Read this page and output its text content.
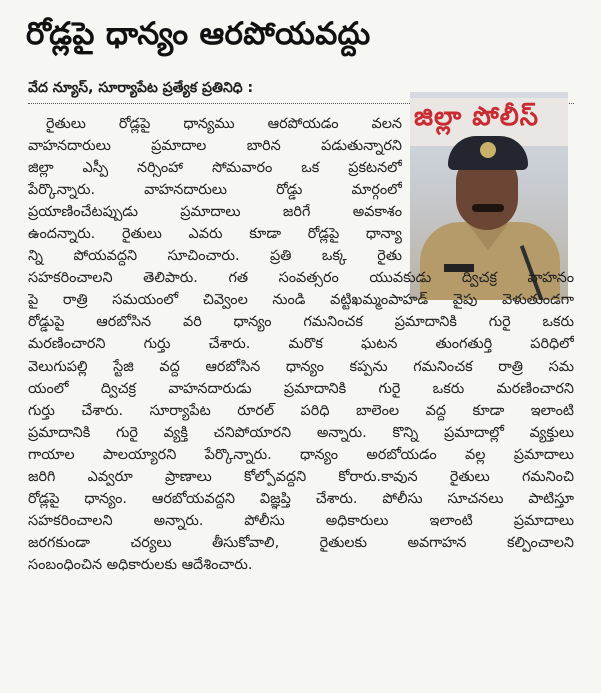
రోడ్లపై ధాన్యం ఆరపోయవద్దు
వేద న్యూస్, సూర్యాపేట ప్రత్యేక ప్రతినిధి :
జిల్లా పోలీస్
రైతులు రోడ్లపై ధాన్యము ఆరపోయడం వలన
వాహనదారులు ప్రమాదాల బారిన పడుతున్నారని
జిల్లా ఎస్పీ నర్సింహా సోమవారం ఒక ప్రకటనలో
పేర్కొన్నారు. వాహనదారులు రోడ్డు మార్గంలో
ప్రయాణించేటప్పుడు ప్రమాదాలు జరిగే అవకాశం
ఉందన్నారు. రైతులు ఎవరు కూడా రోడ్లపై ధాన్యా
న్ని పోయవద్దని సూచించారు. ప్రతి ఒక్క రైతు
సహకరించాలని తెలిపారు. గత సంవత్సరం యువకుడు ద్విచక్ర వాహనం
పై రాత్రి సమయంలో చివ్వెంల నుండి వట్టిఖమ్మంపాహడ్ వైపు వెళుతుండగా
రోడ్డుపై ఆరబోసిన వరి ధాన్యం గమనించక ప్రమాదానికి గురై ఒకరు
మరణించారని గుర్తు చేశారు. మరొక ఘటన తుంగతుర్తి పరిధిలో
వెలుగుపల్లి స్టేజి వద్ద ఆరబోసిన ధాన్యం కప్పను గమనించక రాత్రి సమ
యంలో ద్విచక్ర వాహనదారుడు ప్రమాదానికి గురై ఒకరు మరణించారని
గుర్తు చేశారు. సూర్యాపేట రూరల్ పరిధి బాలెంల వద్ద కూడా ఇలాంటి
ప్రమాదానికి గురై వ్యక్తి చనిపోయారని అన్నారు. కొన్ని ప్రమాదాల్లో వ్యక్తులు
గాయాల పాలయ్యారని పేర్కొన్నారు. ధాన్యం అరబోయడం వల్ల ప్రమాదాలు
జరిగి ఎవ్వరూ ప్రాణాలు కోల్పోవద్దని కోరారు.కావున రైతులు గమనించి
రోడ్లపై ధాన్యం. ఆరబోయవద్దని విజ్ఞప్తి చేశారు. పోలీసు సూచనలు పాటిస్తూ
సహకరించాలని అన్నారు. పోలీసు అధికారులు ఇలాంటి ప్రమాదాలు
జరగకుండా చర్యలు తీసుకోవాలి, రైతులకు అవగాహన కల్పించాలని
సంబంధించిన అధికారులకు ఆదేశించారు.
